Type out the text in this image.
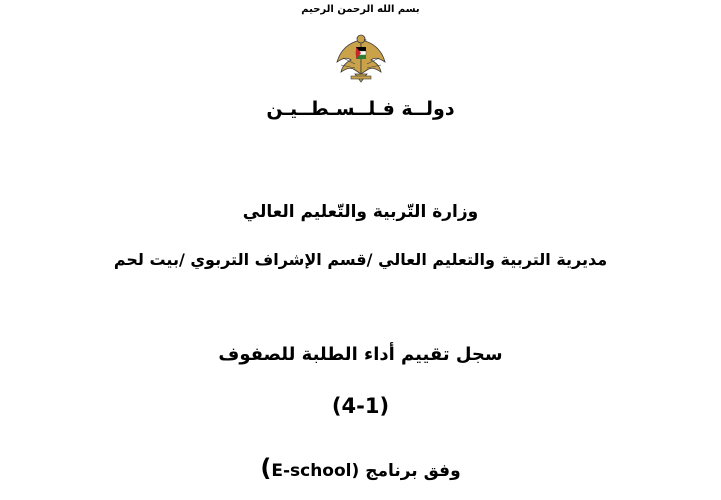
بسم الله الرحمن الرحيم
دولــة فـلــسـطــيـن
وزارة التّربية والتّعليم العالي
مديرية التربية والتعليم العالي /قسم الإشراف التربوي /بيت لحم
سجل تقييم أداء الطلبة للصفوف
(4-1)
وفق برنامج (E-school)
